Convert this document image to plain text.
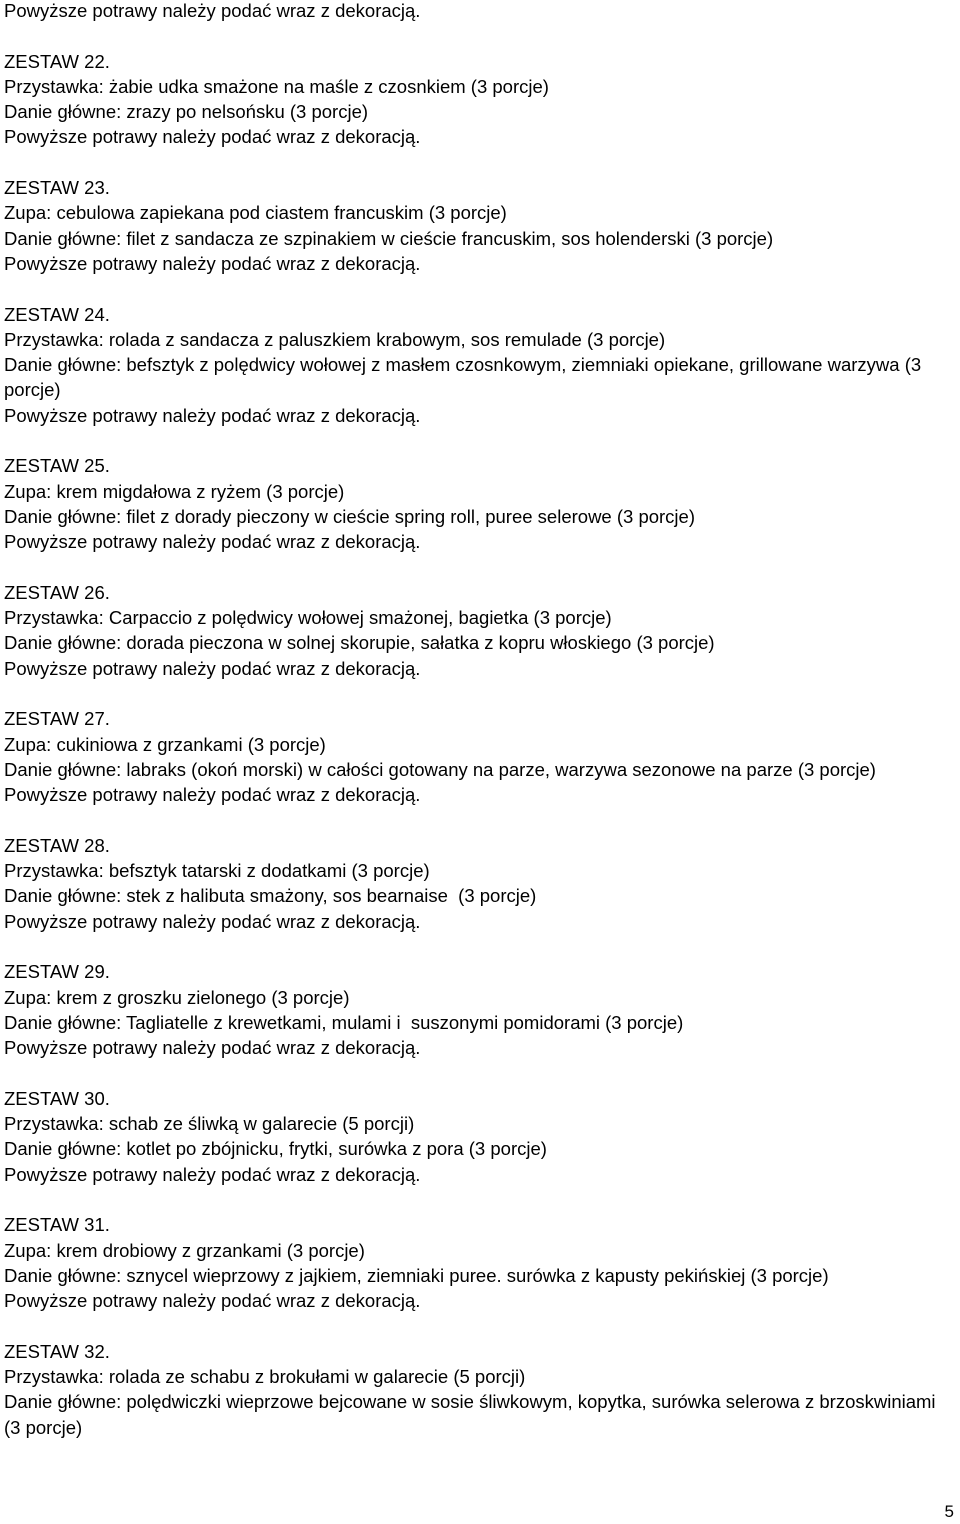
Powyższe potrawy należy podać wraz z dekoracją.
ZESTAW 22.
Przystawka: żabie udka smażone na maśle z czosnkiem (3 porcje)
Danie główne: zrazy po nelsońsku (3 porcje)
Powyższe potrawy należy podać wraz z dekoracją.
ZESTAW 23.
Zupa: cebulowa zapiekana pod ciastem francuskim (3 porcje)
Danie główne: filet z sandacza ze szpinakiem w cieście francuskim, sos holenderski (3 porcje)
Powyższe potrawy należy podać wraz z dekoracją.
ZESTAW 24.
Przystawka: rolada z sandacza z paluszkiem krabowym, sos remulade (3 porcje)
Danie główne: befsztyk z polędwicy wołowej z masłem czosnkowym, ziemniaki opiekane, grillowane warzywa (3 porcje)
Powyższe potrawy należy podać wraz z dekoracją.
ZESTAW 25.
Zupa: krem migdałowa z ryżem (3 porcje)
Danie główne: filet z dorady pieczony w cieście spring roll, puree selerowe (3 porcje)
Powyższe potrawy należy podać wraz z dekoracją.
ZESTAW 26.
Przystawka: Carpaccio z polędwicy wołowej smażonej, bagietka (3 porcje)
Danie główne: dorada pieczona w solnej skorupie, sałatka z kopru włoskiego (3 porcje)
Powyższe potrawy należy podać wraz z dekoracją.
ZESTAW 27.
Zupa: cukiniowa z grzankami (3 porcje)
Danie główne: labraks (okoń morski) w całości gotowany na parze, warzywa sezonowe na parze (3 porcje)
Powyższe potrawy należy podać wraz z dekoracją.
ZESTAW 28.
Przystawka: befsztyk tatarski z dodatkami (3 porcje)
Danie główne: stek z halibuta smażony, sos bearnaise  (3 porcje)
Powyższe potrawy należy podać wraz z dekoracją.
ZESTAW 29.
Zupa: krem z groszku zielonego (3 porcje)
Danie główne: Tagliatelle z krewetkami, mulami i  suszonymi pomidorami (3 porcje)
Powyższe potrawy należy podać wraz z dekoracją.
ZESTAW 30.
Przystawka: schab ze śliwką w galarecie (5 porcji)
Danie główne: kotlet po zbójnicku, frytki, surówka z pora (3 porcje)
Powyższe potrawy należy podać wraz z dekoracją.
ZESTAW 31.
Zupa: krem drobiowy z grzankami (3 porcje)
Danie główne: sznycel wieprzowy z jajkiem, ziemniaki puree. surówka z kapusty pekińskiej (3 porcje)
Powyższe potrawy należy podać wraz z dekoracją.
ZESTAW 32.
Przystawka: rolada ze schabu z brokułami w galarecie (5 porcji)
Danie główne: polędwiczki wieprzowe bejcowane w sosie śliwkowym, kopytka, surówka selerowa z brzoskwiniami (3 porcje)
5
